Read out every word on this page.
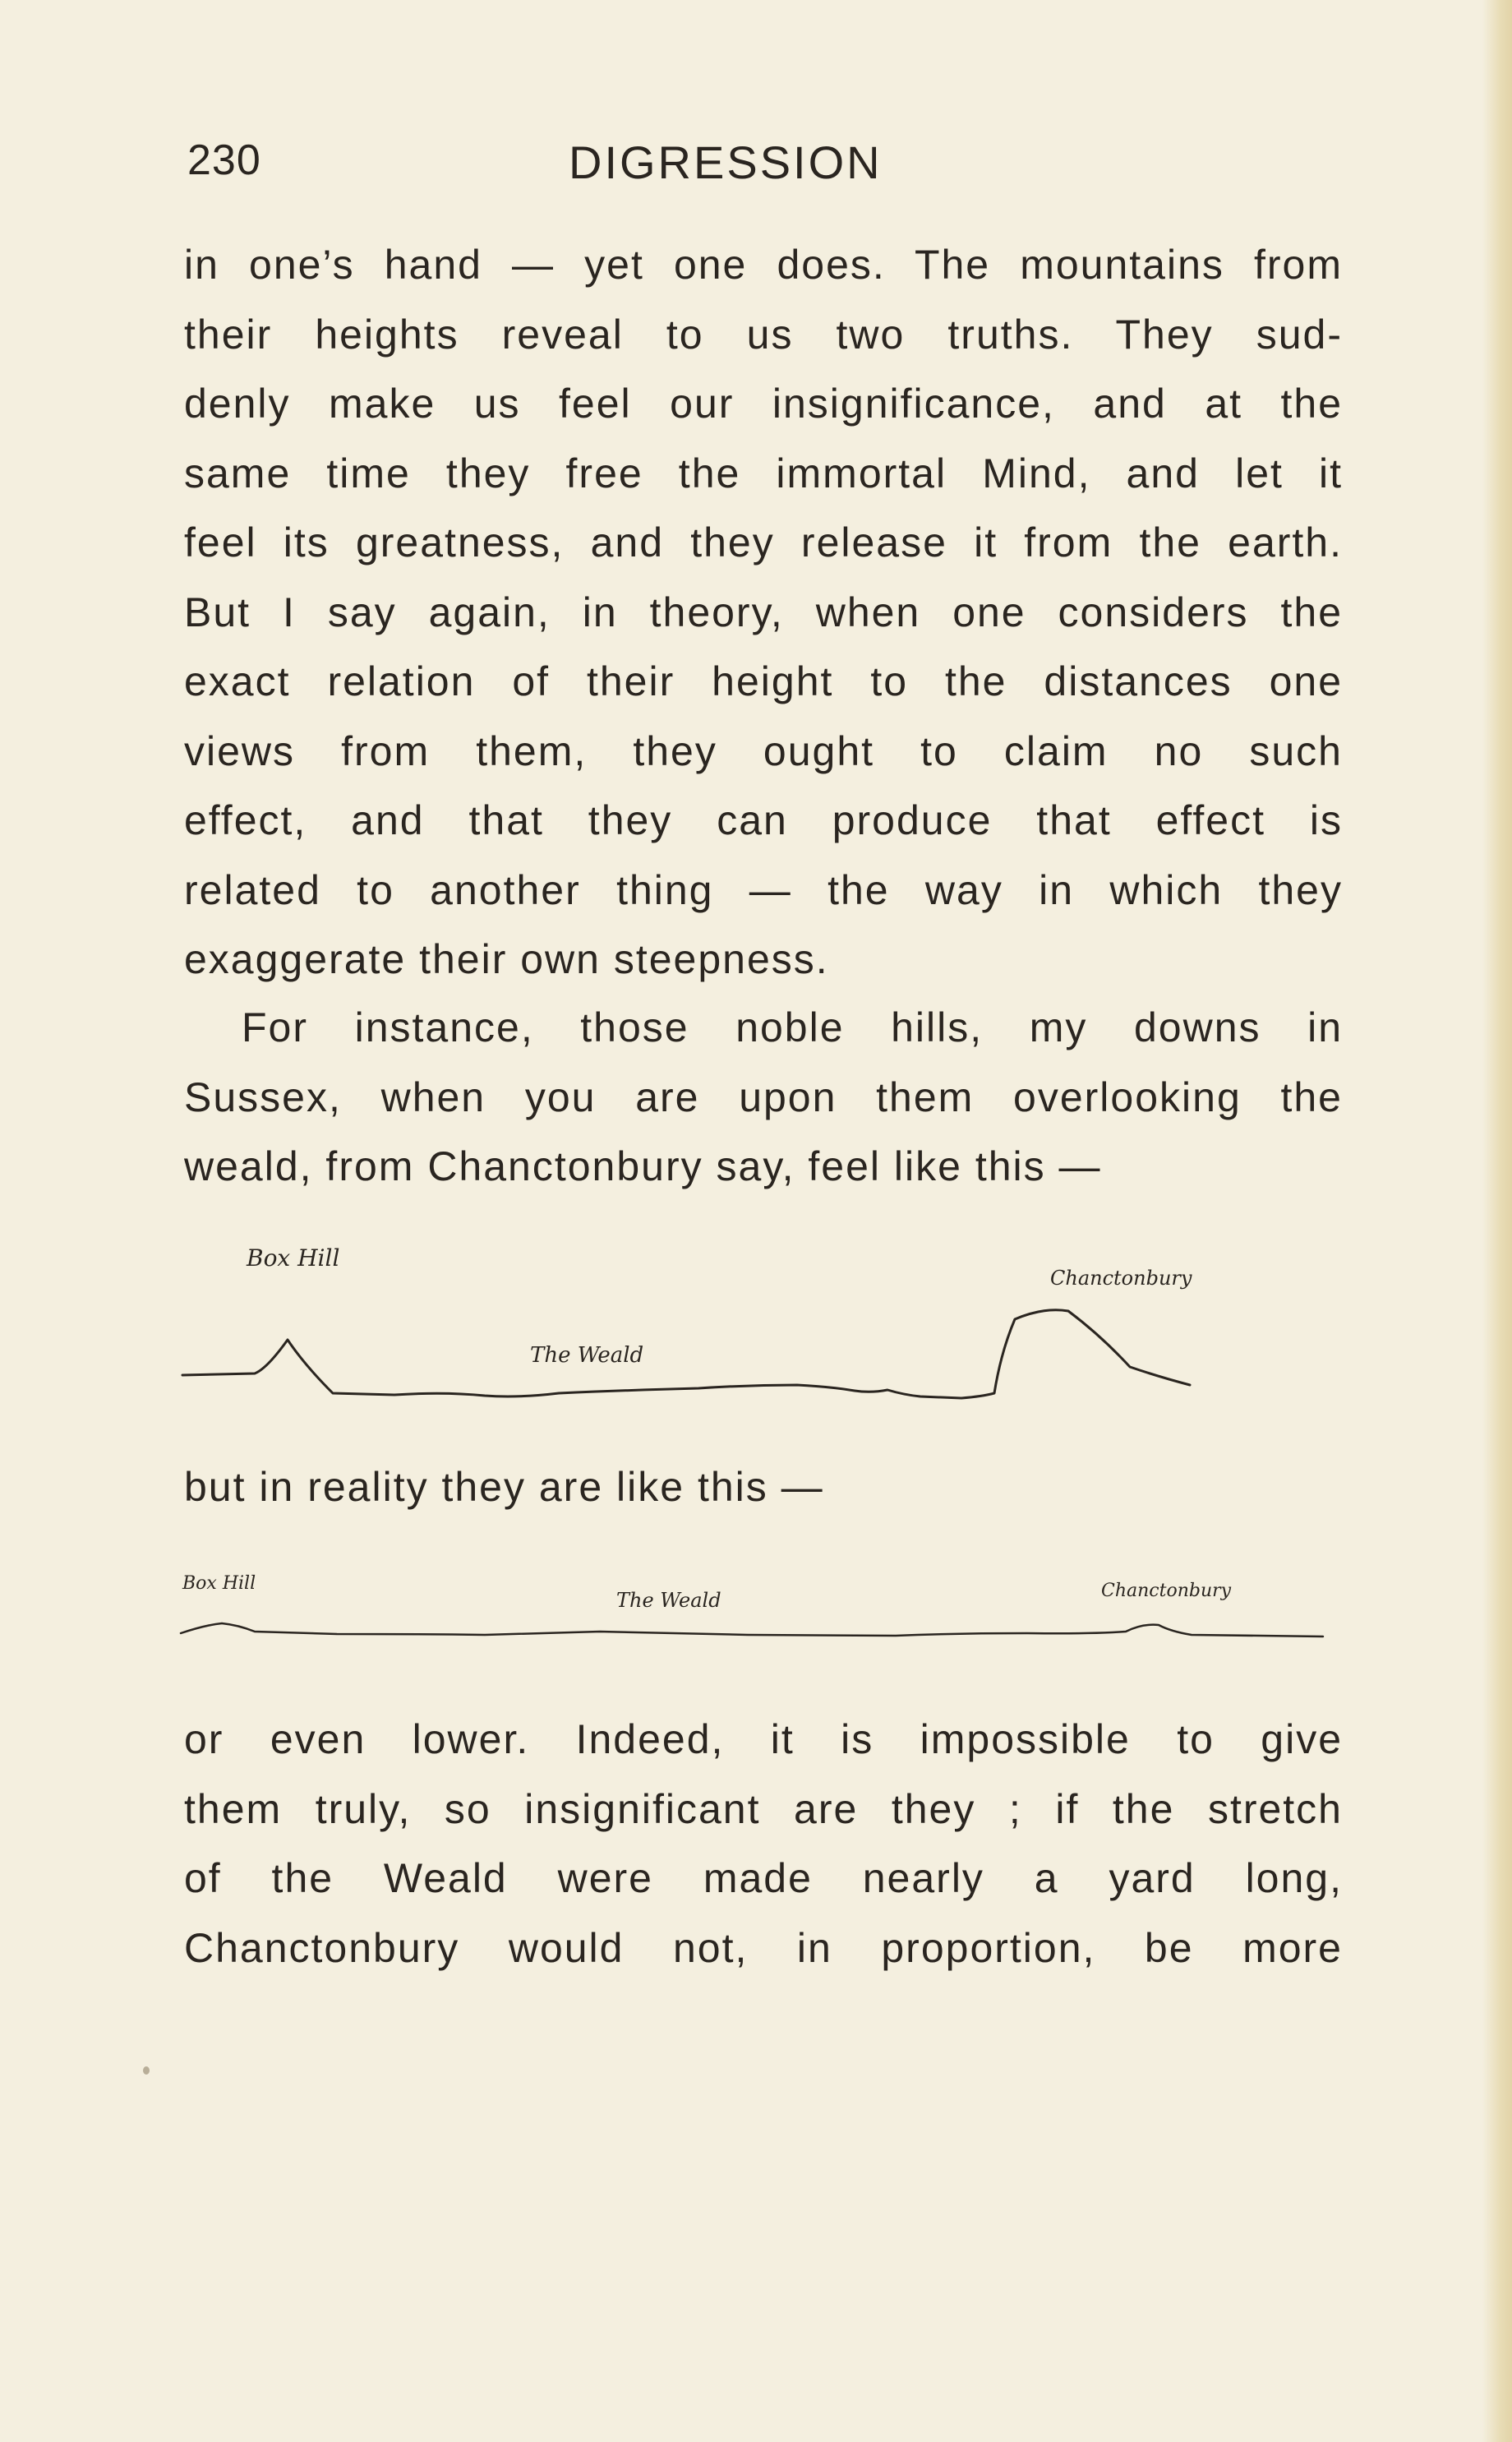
230	DIGRESSION
in one’s hand — yet one does. The mountains from
their heights reveal to us two truths. They sud-
denly make us feel our insignificance, and at the
same time they free the immortal Mind, and let it
feel its greatness, and they release it from the earth.
But I say again, in theory, when one considers the
exact relation of their height to the distances one
views from them, they ought to claim no such
effect, and that they can produce that effect is
related to another thing — the way in which they
exaggerate their own steepness.
For instance, those noble hills, my downs in
Sussex, when you are upon them overlooking the
weald, from Chanctonbury say, feel like this —
Box Hill
The Weald
Chanctonbury
but in reality they are like this —
Box Hill
The Weald	Chanctonbury
or even lower. Indeed, it is impossible to give
them truly, so insignificant are they ; if the stretch
of the Weald were made nearly a yard long,
Chanctonbury would not, in proportion, be more
